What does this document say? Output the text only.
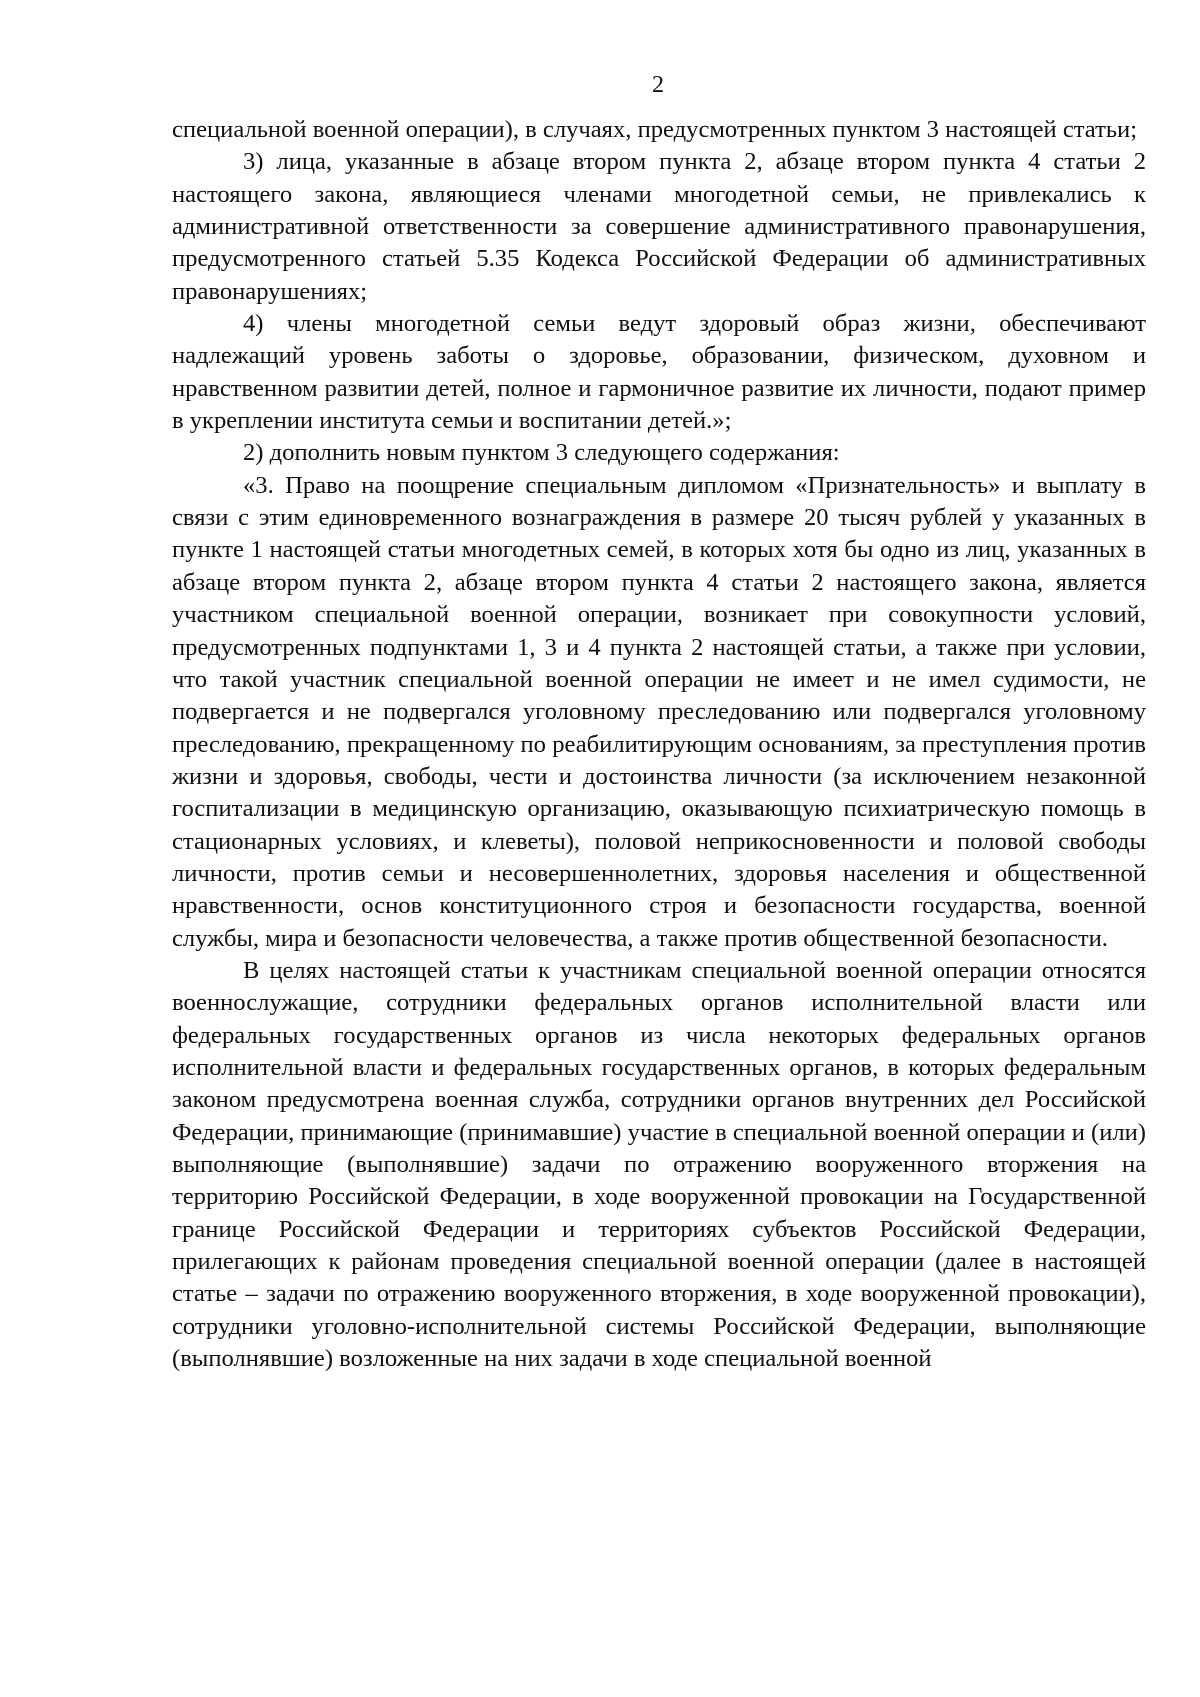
2

специальной военной операции), в случаях, предусмотренных пунктом 3 настоящей статьи;

3) лица, указанные в абзаце втором пункта 2, абзаце втором пункта 4 статьи 2 настоящего закона, являющиеся членами многодетной семьи, не привлекались к административной ответственности за совершение административного правонарушения, предусмотренного статьей 5.35 Кодекса Российской Федерации об административных правонарушениях;

4) члены многодетной семьи ведут здоровый образ жизни, обеспечивают надлежащий уровень заботы о здоровье, образовании, физическом, духовном и нравственном развитии детей, полное и гармоничное развитие их личности, подают пример в укреплении института семьи и воспитании детей.»;

2) дополнить новым пунктом 3 следующего содержания:

«3. Право на поощрение специальным дипломом «Признательность» и выплату в связи с этим единовременного вознаграждения в размере 20 тысяч рублей у указанных в пункте 1 настоящей статьи многодетных семей, в которых хотя бы одно из лиц, указанных в абзаце втором пункта 2, абзаце втором пункта 4 статьи 2 настоящего закона, является участником специальной военной операции, возникает при совокупности условий, предусмотренных подпунктами 1, 3 и 4 пункта 2 настоящей статьи, а также при условии, что такой участник специальной военной операции не имеет и не имел судимости, не подвергается и не подвергался уголовному преследованию или подвергался уголовному преследованию, прекращенному по реабилитирующим основаниям, за преступления против жизни и здоровья, свободы, чести и достоинства личности (за исключением незаконной госпитализации в медицинскую организацию, оказывающую психиатрическую помощь в стационарных условиях, и клеветы), половой неприкосновенности и половой свободы личности, против семьи и несовершеннолетних, здоровья населения и общественной нравственности, основ конституционного строя и безопасности государства, военной службы, мира и безопасности человечества, а также против общественной безопасности.

В целях настоящей статьи к участникам специальной военной операции относятся военнослужащие, сотрудники федеральных органов исполнительной власти или федеральных государственных органов из числа некоторых федеральных органов исполнительной власти и федеральных государственных органов, в которых федеральным законом предусмотрена военная служба, сотрудники органов внутренних дел Российской Федерации, принимающие (принимавшие) участие в специальной военной операции и (или) выполняющие (выполнявшие) задачи по отражению вооруженного вторжения на территорию Российской Федерации, в ходе вооруженной провокации на Государственной границе Российской Федерации и территориях субъектов Российской Федерации, прилегающих к районам проведения специальной военной операции (далее в настоящей статье – задачи по отражению вооруженного вторжения, в ходе вооруженной провокации), сотрудники уголовно-исполнительной системы Российской Федерации, выполняющие (выполнявшие) возложенные на них задачи в ходе специальной военной
